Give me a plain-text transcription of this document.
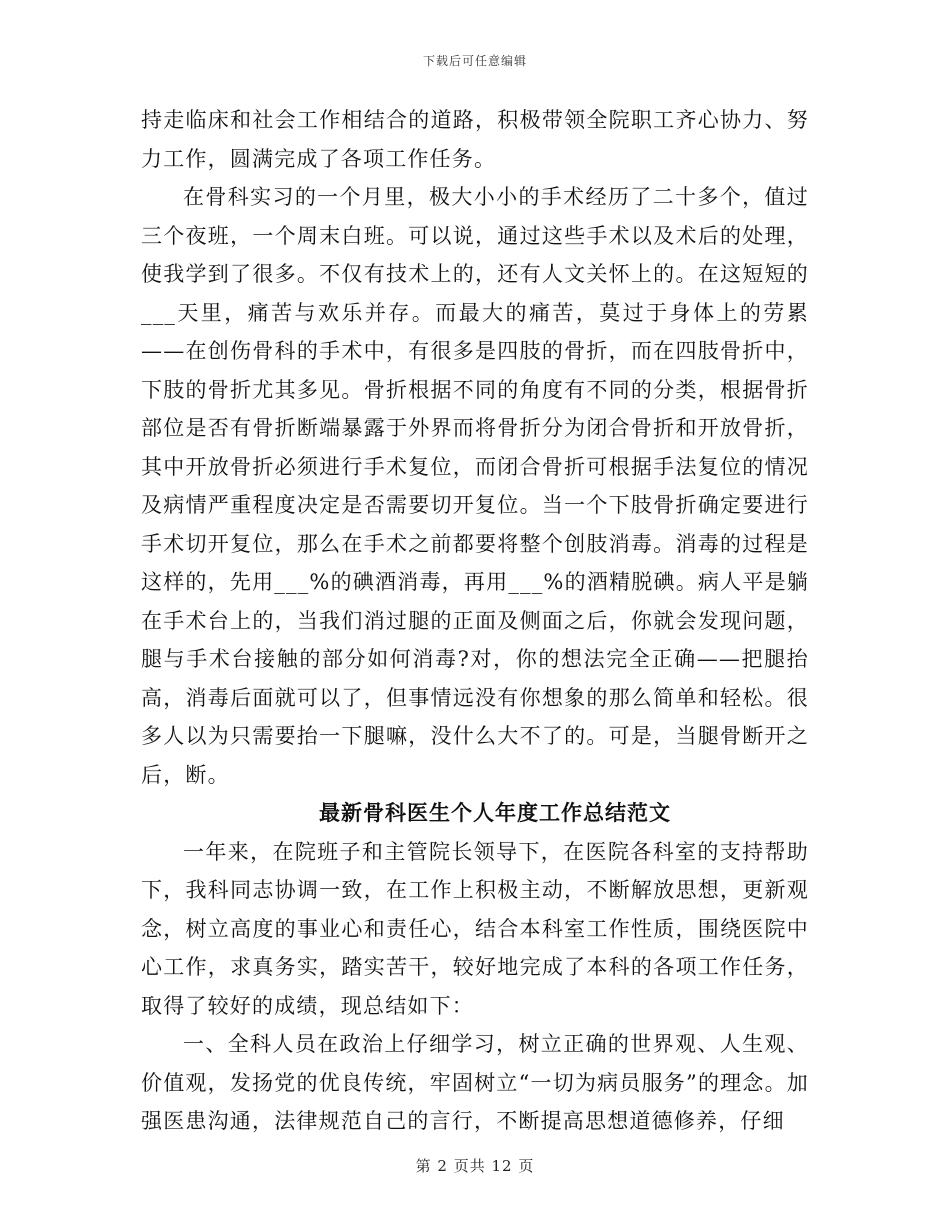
下载后可任意编辑

持走临床和社会工作相结合的道路，积极带领全院职工齐心协力、努力工作，圆满完成了各项工作任务。

在骨科实习的一个月里，极大小小的手术经历了二十多个，值过三个夜班，一个周末白班。可以说，通过这些手术以及术后的处理，使我学到了很多。不仅有技术上的，还有人文关怀上的。在这短短的___天里，痛苦与欢乐并存。而最大的痛苦，莫过于身体上的劳累——在创伤骨科的手术中，有很多是四肢的骨折，而在四肢骨折中，下肢的骨折尤其多见。骨折根据不同的角度有不同的分类，根据骨折部位是否有骨折断端暴露于外界而将骨折分为闭合骨折和开放骨折，其中开放骨折必须进行手术复位，而闭合骨折可根据手法复位的情况及病情严重程度决定是否需要切开复位。当一个下肢骨折确定要进行手术切开复位，那么在手术之前都要将整个创肢消毒。消毒的过程是这样的，先用___%的碘酒消毒，再用___%的酒精脱碘。病人平是躺在手术台上的，当我们消过腿的正面及侧面之后，你就会发现问题，腿与手术台接触的部分如何消毒?对，你的想法完全正确——把腿抬高，消毒后面就可以了，但事情远没有你想象的那么简单和轻松。很多人以为只需要抬一下腿嘛，没什么大不了的。可是，当腿骨断开之后，断。

最新骨科医生个人年度工作总结范文

一年来，在院班子和主管院长领导下，在医院各科室的支持帮助下，我科同志协调一致，在工作上积极主动，不断解放思想，更新观念，树立高度的事业心和责任心，结合本科室工作性质，围绕医院中心工作，求真务实，踏实苦干，较好地完成了本科的各项工作任务，取得了较好的成绩，现总结如下：

一、全科人员在政治上仔细学习，树立正确的世界观、人生观、价值观，发扬党的优良传统，牢固树立“一切为病员服务”的理念。加强医患沟通，法律规范自己的言行，不断提高思想道德修养，仔细

第 2 页共 12 页
